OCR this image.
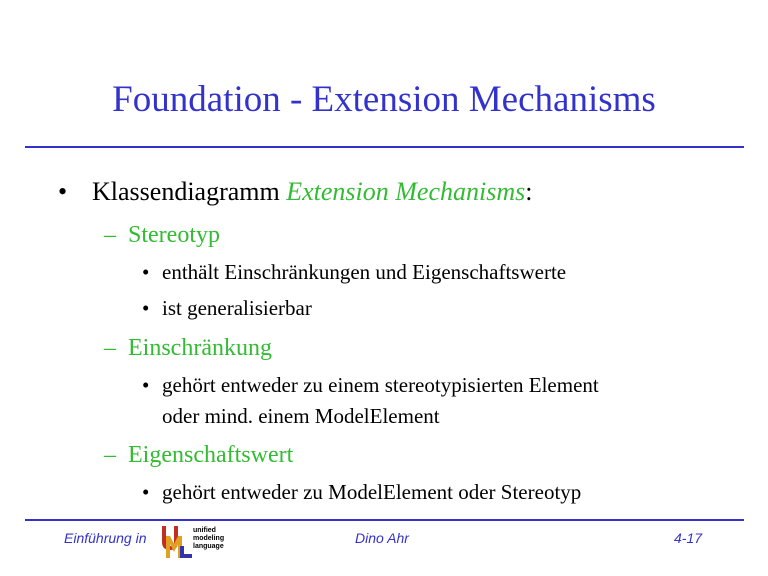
Foundation - Extension Mechanisms
• Klassendiagramm Extension Mechanisms:
– Stereotyp
• enthält Einschränkungen und Eigenschaftswerte
• ist generalisierbar
– Einschränkung
• gehört entweder zu einem stereotypisierten Element
oder mind. einem ModelElement
– Eigenschaftswert
• gehört entweder zu ModelElement oder Stereotyp
Einführung in	unified
modeling
language
Dino Ahr	4-17
